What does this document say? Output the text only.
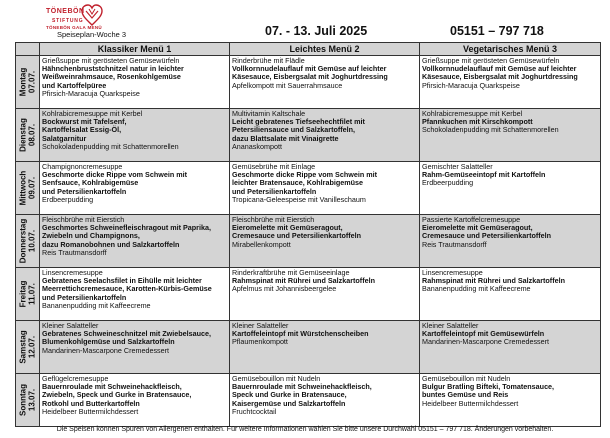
TÖNEBÖN
STIFTUNG
TÖNEBÖN GALA MENÜ
Speiseplan-Woche 3	07. - 13. Juli 2025	05151 – 797 718
	Klassiker Menü 1	Leichtes Menü 2	Vegetarisches Menü 3

Montag 07.07.	Grießsuppe mit gerösteten Gemüsewürfeln
Hähnchenbruststchnitzel natur in leichter
Weißweinrahmsauce, Rosenkohlgemüse
und Kartoffelpüree
Pfirsich-Maracuja Quarkspeise	Rinderbrühe mit Flädle
Vollkornnudelauflauf mit Gemüse auf leichter
Käsesauce, Eisbergsalat mit Joghurtdressing
Apfelkompott mit Sauerrahmsauce	Grießsuppe mit gerösteten Gemüsewürfeln
Vollkornnudelauflauf mit Gemüse auf leichter
Käsesauce, Eisbergsalat mit Joghurtdressing
Pfirsich-Maracuja Quarkspeise

Dienstag 08.07.	Kohlrabicremesuppe mit Kerbel
Bockwurst mit Tafelsenf,
Kartoffelsalat Essig-Öl,
Salatgarnitur
Schokoladenpudding mit Schattenmorellen	Multivitamin Kaltschale
Leicht gebratenes Tiefseehechtfilet mit
Petersiliensauce und Salzkartoffeln,
dazu Blattsalate mit Vinaigrette
Ananaskompott	Kohlrabicremesuppe mit Kerbel
Pfannkuchen mit Kirschkompott
Schokoladenpudding mit Schattenmorellen

Mittwoch 09.07.	Champignoncremesuppe
Geschmorte dicke Rippe vom Schwein mit
Senfsauce, Kohlrabigemüse
und Petersilienkartoffeln
Erdbeerpudding	Gemüsebrühe mit Einlage
Geschmorte dicke Rippe vom Schwein mit
leichter Bratensauce, Kohlrabigemüse
und Petersilienkartoffeln
Tropicana-Geleespeise mit Vanilleschaum	Gemischter Salatteller
Rahm-Gemüseeintopf mit Kartoffeln
Erdbeerpudding

Donnerstag 10.07.	Fleischbrühe mit Eierstich
Geschmortes Schweinefleischragout mit Paprika,
Zwiebeln und Champignons,
dazu Romanobohnen und Salzkartoffeln
Reis Trautmansdorff	Fleischbrühe mit Eierstich
Eieromelette mit Gemüseragout,
Cremesauce und Petersilienkartoffeln
Mirabellenkompott	Passierte Kartoffelcremesuppe
Eieromelette mit Gemüseragout,
Cremesauce und Petersilienkartoffeln
Reis Trautmansdorff

Freitag 11.07.	Linsencremesuppe
Gebratenes Seelachsfilet in Eihülle mit leichter
Meerrettichcremesauce, Karotten-Kürbis-Gemüse
und Petersilienkartoffeln
Bananenpudding mit Kaffeecreme	Rinderkraftbrühe mit Gemüseeinlage
Rahmspinat mit Rührei und Salzkartoffeln
Apfelmus mit Johannisbeergelee	Linsencremesuppe
Rahmspinat mit Rührei und Salzkartoffeln
Bananenpudding mit Kaffeecreme

Samstag 12.07.	Kleiner Salatteller
Gebratenes Schweineschnitzel mit Zwiebelsauce,
Blumenkohlgemüse und Salzkartoffeln
Mandarinen-Mascarpone Cremedessert	Kleiner Salatteller
Kartoffeleintopf mit Würstchenscheiben
Pflaumenkompott	Kleiner Salatteller
Kartoffeleintopf mit Gemüsewürfeln
Mandarinen-Mascarpone Cremedessert

Sonntag 13.07.	Geflügelcremesuppe
Bauernroulade mit Schweinehackfleisch,
Zwiebeln, Speck und Gurke in Bratensauce,
Rotkohl und Butterkartoffeln
Heidelbeer Buttermilchdessert	Gemüsebouillon mit Nudeln
Bauernroulade mit Schweinehackfleisch,
Speck und Gurke in Bratensauce,
Kaisergemüse und Salzkartoffeln
Fruchtcocktail	Gemüsebouillon mit Nudeln
Bulgur Bratling Bifteki, Tomatensauce,
buntes Gemüse und Reis
Heidelbeer Buttermilchdessert
Die Speisen können Spuren von Allergenen enthalten. Für weitere Informationen wählen Sie bitte unsere Durchwahl 05151 – 797 718. Änderungen vorbehalten.
